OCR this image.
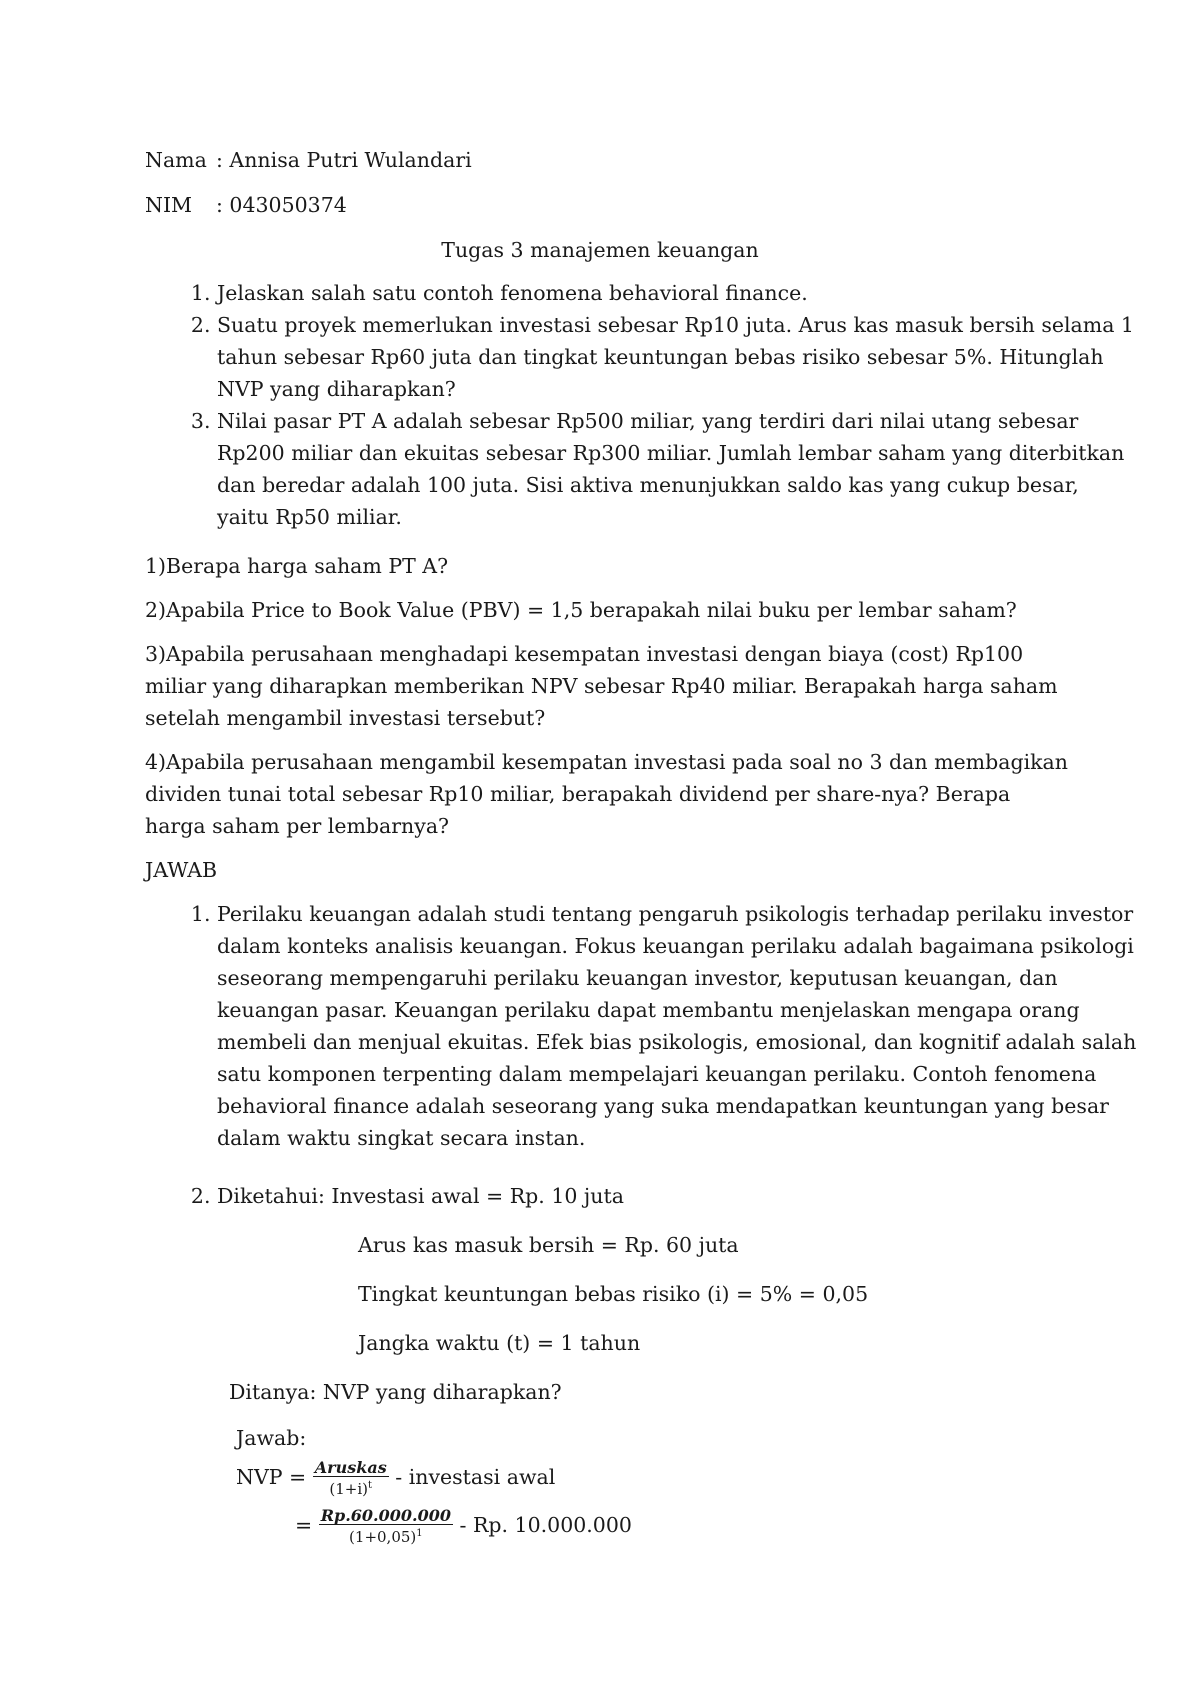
Nama : Annisa Putri Wulandari
NIM : 043050374
Tugas 3 manajemen keuangan
1. Jelaskan salah satu contoh fenomena behavioral finance.
2. Suatu proyek memerlukan investasi sebesar Rp10 juta. Arus kas masuk bersih selama 1 tahun sebesar Rp60 juta dan tingkat keuntungan bebas risiko sebesar 5%. Hitunglah NVP yang diharapkan?
3. Nilai pasar PT A adalah sebesar Rp500 miliar, yang terdiri dari nilai utang sebesar Rp200 miliar dan ekuitas sebesar Rp300 miliar. Jumlah lembar saham yang diterbitkan dan beredar adalah 100 juta. Sisi aktiva menunjukkan saldo kas yang cukup besar, yaitu Rp50 miliar.
1)Berapa harga saham PT A?
2)Apabila Price to Book Value (PBV) = 1,5 berapakah nilai buku per lembar saham?
3)Apabila perusahaan menghadapi kesempatan investasi dengan biaya (cost) Rp100 miliar yang diharapkan memberikan NPV sebesar Rp40 miliar. Berapakah harga saham setelah mengambil investasi tersebut?
4)Apabila perusahaan mengambil kesempatan investasi pada soal no 3 dan membagikan dividen tunai total sebesar Rp10 miliar, berapakah dividend per share-nya? Berapa harga saham per lembarnya?
JAWAB
1. Perilaku keuangan adalah studi tentang pengaruh psikologis terhadap perilaku investor dalam konteks analisis keuangan. Fokus keuangan perilaku adalah bagaimana psikologi seseorang mempengaruhi perilaku keuangan investor, keputusan keuangan, dan keuangan pasar. Keuangan perilaku dapat membantu menjelaskan mengapa orang membeli dan menjual ekuitas. Efek bias psikologis, emosional, dan kognitif adalah salah satu komponen terpenting dalam mempelajari keuangan perilaku. Contoh fenomena behavioral finance adalah seseorang yang suka mendapatkan keuntungan yang besar dalam waktu singkat secara instan.
2. Diketahui: Investasi awal = Rp. 10 juta
Arus kas masuk bersih = Rp. 60 juta
Tingkat keuntungan bebas risiko (i) = 5% = 0,05
Jangka waktu (t) = 1 tahun
Ditanya: NVP yang diharapkan?
Jawab:
NVP = $\frac{\text{Aruskas}}{(1+i)^t}$ - investasi awal
= $\frac{Rp.60.000.000}{(1+0,05)^1}$ - Rp. 10.000.000
